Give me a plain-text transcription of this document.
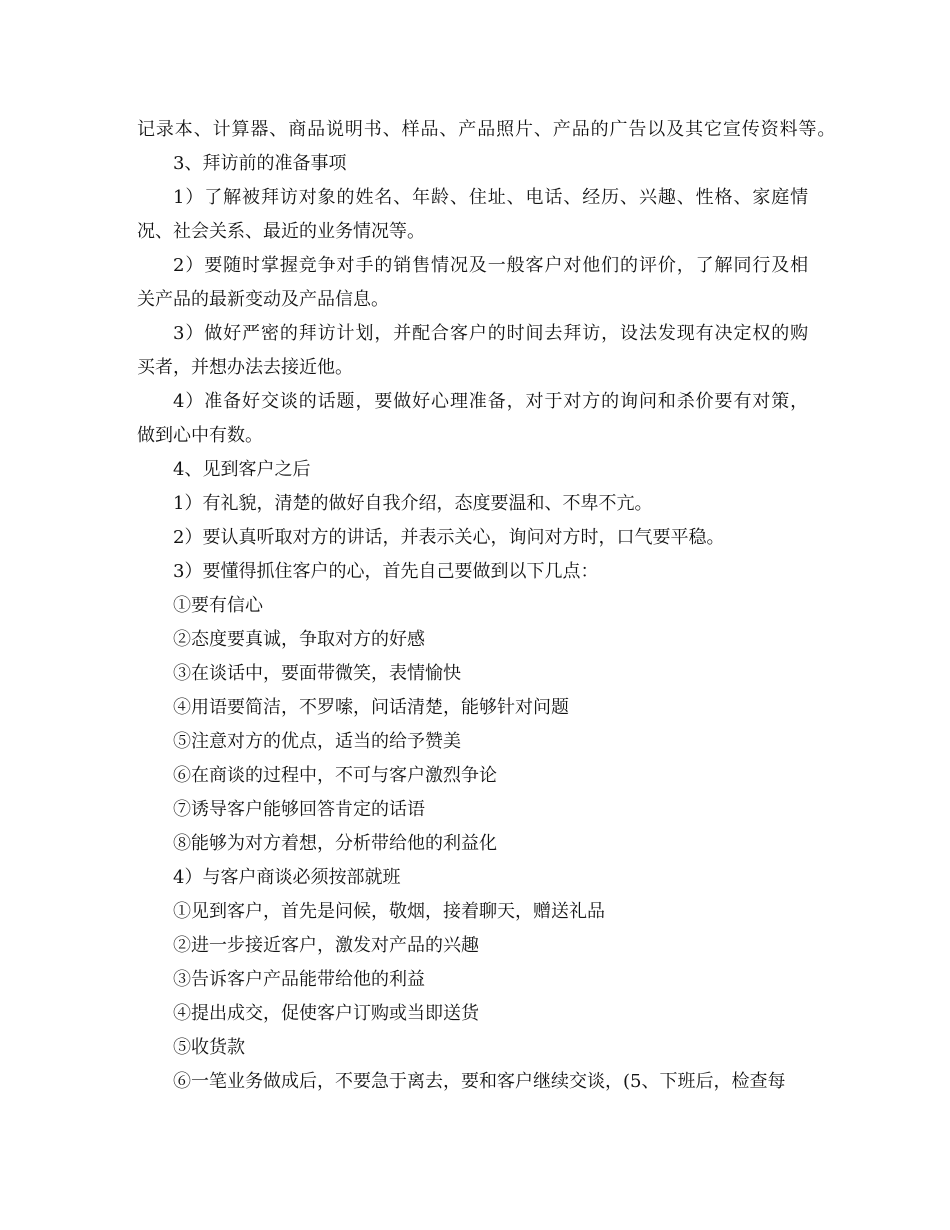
记录本、计算器、商品说明书、样品、产品照片、产品的广告以及其它宣传资料等。
3、拜访前的准备事项
1）了解被拜访对象的姓名、年龄、住址、电话、经历、兴趣、性格、家庭情
况、社会关系、最近的业务情况等。
2）要随时掌握竞争对手的销售情况及一般客户对他们的评价，了解同行及相
关产品的最新变动及产品信息。
3）做好严密的拜访计划，并配合客户的时间去拜访，设法发现有决定权的购
买者，并想办法去接近他。
4）准备好交谈的话题，要做好心理准备，对于对方的询问和杀价要有对策，
做到心中有数。
4、见到客户之后
1）有礼貌，清楚的做好自我介绍，态度要温和、不卑不亢。
2）要认真听取对方的讲话，并表示关心，询问对方时，口气要平稳。
3）要懂得抓住客户的心，首先自己要做到以下几点：
①要有信心
②态度要真诚，争取对方的好感
③在谈话中，要面带微笑，表情愉快
④用语要简洁，不罗嗦，问话清楚，能够针对问题
⑤注意对方的优点，适当的给予赞美
⑥在商谈的过程中，不可与客户激烈争论
⑦诱导客户能够回答肯定的话语
⑧能够为对方着想，分析带给他的利益化
4）与客户商谈必须按部就班
①见到客户，首先是问候，敬烟，接着聊天，赠送礼品
②进一步接近客户，激发对产品的兴趣
③告诉客户产品能带给他的利益
④提出成交，促使客户订购或当即送货
⑤收货款
⑥一笔业务做成后，不要急于离去，要和客户继续交谈，(5、下班后，检查每
